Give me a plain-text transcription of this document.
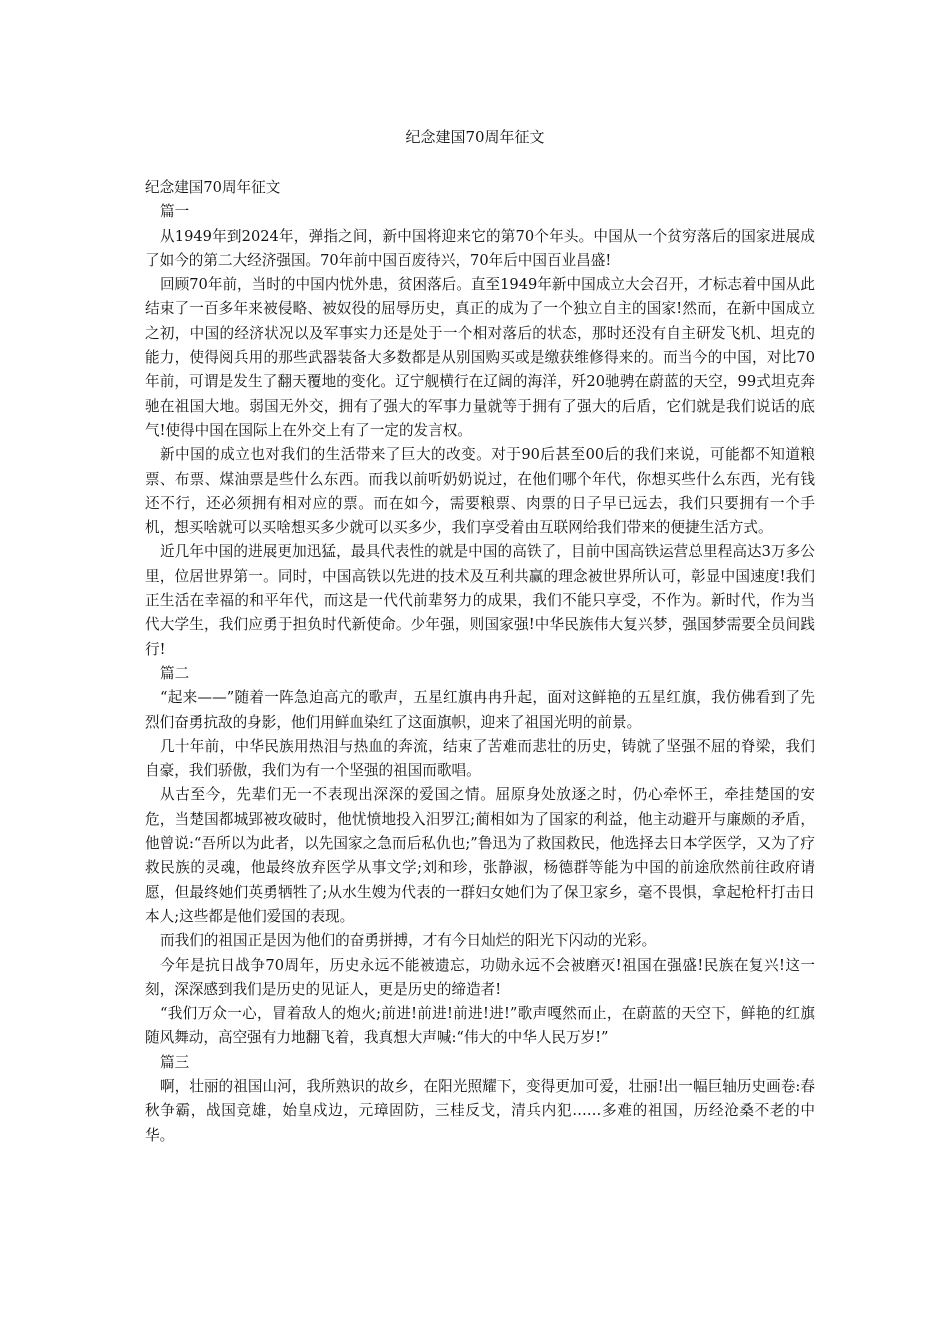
纪念建国70周年征文

纪念建国70周年征文

篇一

从1949年到2024年，弹指之间，新中国将迎来它的第70个年头。中国从一个贫穷落后的国家进展成了如今的第二大经济强国。70年前中国百废待兴，70年后中国百业昌盛!

回顾70年前，当时的中国内忧外患，贫困落后。直至1949年新中国成立大会召开，才标志着中国从此结束了一百多年来被侵略、被奴役的屈辱历史，真正的成为了一个独立自主的国家!然而，在新中国成立之初，中国的经济状况以及军事实力还是处于一个相对落后的状态，那时还没有自主研发飞机、坦克的能力，使得阅兵用的那些武器装备大多数都是从别国购买或是缴获维修得来的。而当今的中国，对比70年前，可谓是发生了翻天覆地的变化。辽宁舰横行在辽阔的海洋，歼20驰骋在蔚蓝的天空，99式坦克奔驰在祖国大地。弱国无外交，拥有了强大的军事力量就等于拥有了强大的后盾，它们就是我们说话的底气!使得中国在国际上在外交上有了一定的发言权。

新中国的成立也对我们的生活带来了巨大的改变。对于90后甚至00后的我们来说，可能都不知道粮票、布票、煤油票是些什么东西。而我以前听奶奶说过，在他们哪个年代，你想买些什么东西，光有钱还不行，还必须拥有相对应的票。而在如今，需要粮票、肉票的日子早已远去，我们只要拥有一个手机，想买啥就可以买啥想买多少就可以买多少，我们享受着由互联网给我们带来的便捷生活方式。

近几年中国的进展更加迅猛，最具代表性的就是中国的高铁了，目前中国高铁运营总里程高达3万多公里，位居世界第一。同时，中国高铁以先进的技术及互利共赢的理念被世界所认可，彰显中国速度!我们正生活在幸福的和平年代，而这是一代代前辈努力的成果，我们不能只享受，不作为。新时代，作为当代大学生，我们应勇于担负时代新使命。少年强，则国家强!中华民族伟大复兴梦，强国梦需要全员间践行!

篇二

“起来——”随着一阵急迫高亢的歌声，五星红旗冉冉升起，面对这鲜艳的五星红旗，我仿佛看到了先烈们奋勇抗敌的身影，他们用鲜血染红了这面旗帜，迎来了祖国光明的前景。

几十年前，中华民族用热泪与热血的奔流，结束了苦难而悲壮的历史，铸就了坚强不屈的脊梁，我们自豪，我们骄傲，我们为有一个坚强的祖国而歌唱。

从古至今，先辈们无一不表现出深深的爱国之情。屈原身处放逐之时，仍心牵怀王，牵挂楚国的安危，当楚国都城郢被攻破时，他忧愤地投入汨罗江;蔺相如为了国家的利益，他主动避开与廉颇的矛盾，他曾说:“吾所以为此者，以先国家之急而后私仇也;”鲁迅为了救国救民，他选择去日本学医学，又为了疗救民族的灵魂，他最终放弃医学从事文学;刘和珍，张静淑，杨德群等能为中国的前途欣然前往政府请愿，但最终她们英勇牺牲了;从水生嫂为代表的一群妇女她们为了保卫家乡，毫不畏惧，拿起枪杆打击日本人;这些都是他们爱国的表现。

而我们的祖国正是因为他们的奋勇拼搏，才有今日灿烂的阳光下闪动的光彩。

今年是抗日战争70周年，历史永远不能被遗忘，功勋永远不会被磨灭!祖国在强盛!民族在复兴!这一刻，深深感到我们是历史的见证人，更是历史的缔造者!

“我们万众一心，冒着敌人的炮火;前进!前进!前进!进!”歌声嘎然而止，在蔚蓝的天空下，鲜艳的红旗随风舞动，高空强有力地翻飞着，我真想大声喊:“伟大的中华人民万岁!”

篇三

啊，壮丽的祖国山河，我所熟识的故乡，在阳光照耀下，变得更加可爱，壮丽!出一幅巨轴历史画卷:春秋争霸，战国竞雄，始皇戍边，元璋固防，三桂反戈，清兵内犯……多难的祖国，历经沧桑不老的中华。
